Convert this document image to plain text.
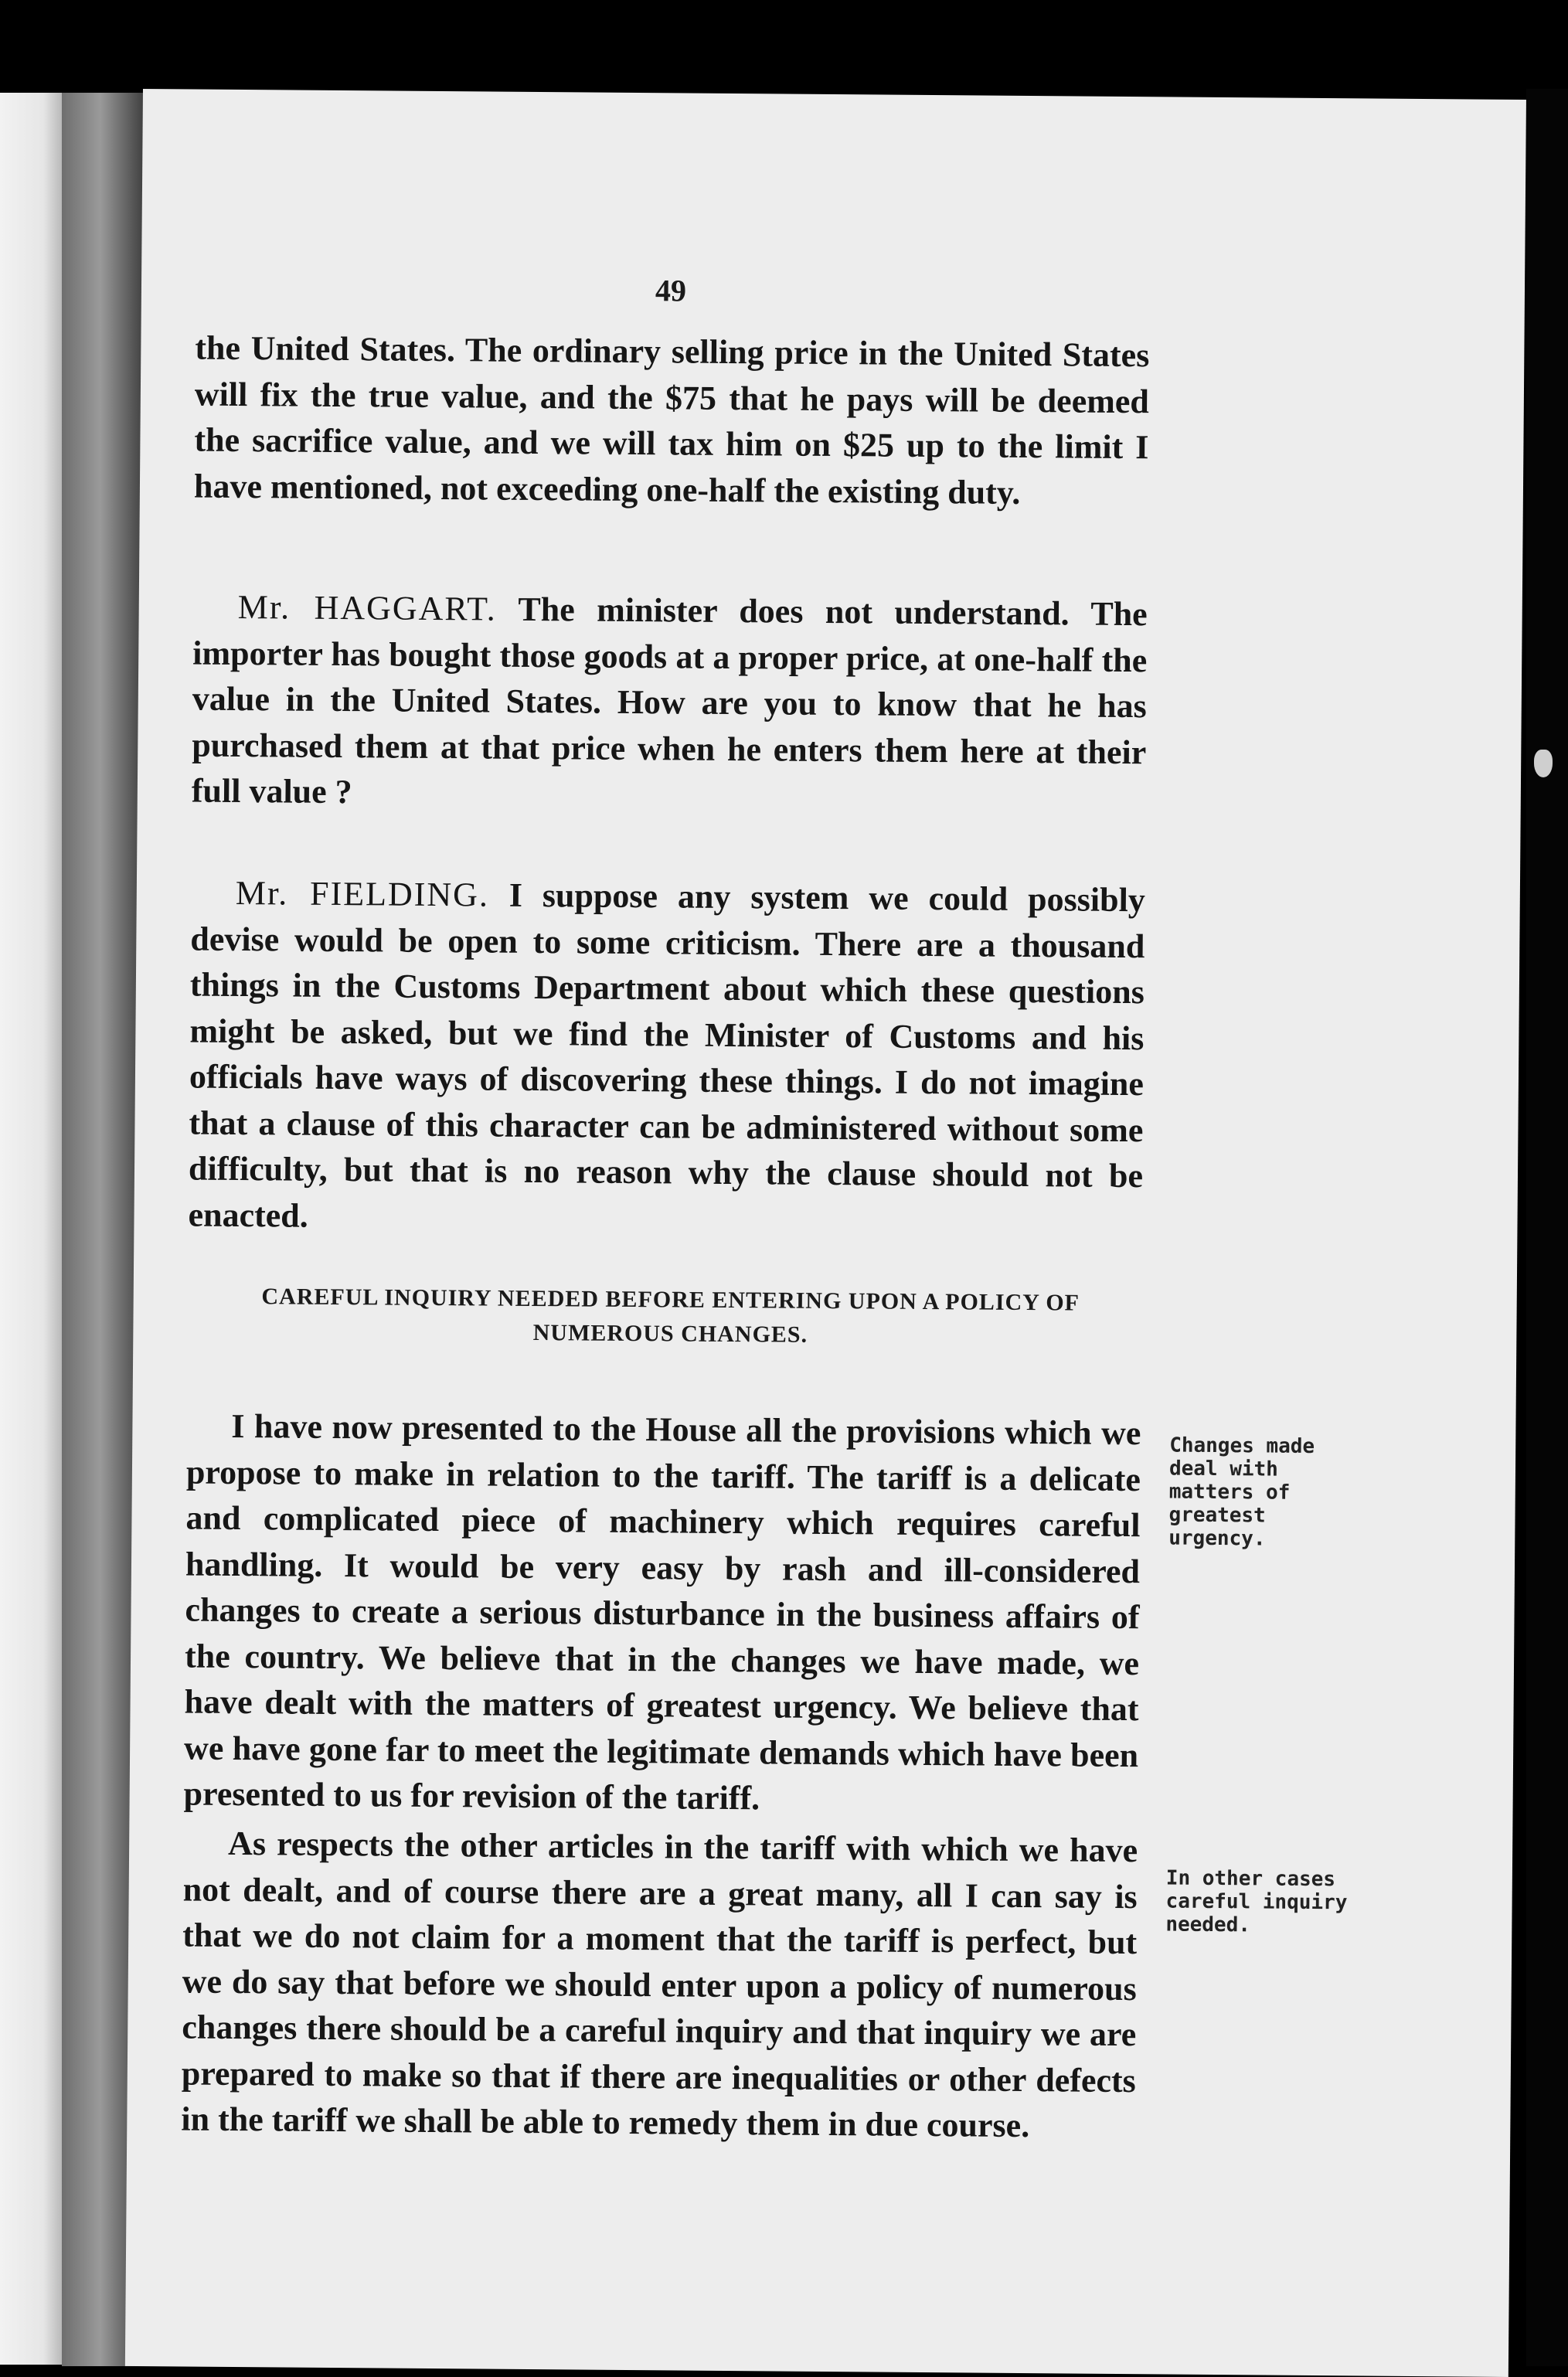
49

the United States. The ordinary selling price in the United States will fix the true value, and the $75 that he pays will be deemed the sacrifice value, and we will tax him on $25 up to the limit I have mentioned, not exceeding one-half the existing duty.

Mr. HAGGART. The minister does not understand. The importer has bought those goods at a proper price, at one-half the value in the United States. How are you to know that he has purchased them at that price when he enters them here at their full value ?

Mr. FIELDING. I suppose any system we could possibly devise would be open to some criticism. There are a thousand things in the Customs Department about which these questions might be asked, but we find the Minister of Customs and his officials have ways of discovering these things. I do not imagine that a clause of this character can be administered without some difficulty, but that is no reason why the clause should not be enacted.

CAREFUL INQUIRY NEEDED BEFORE ENTERING UPON A POLICY OF
NUMEROUS CHANGES.

I have now presented to the House all the provisions which we propose to make in relation to the tariff. The tariff is a delicate and complicated piece of machinery which requires careful handling. It would be very easy by rash and ill-considered changes to create a serious disturbance in the business affairs of the country. We believe that in the changes we have made, we have dealt with the matters of greatest urgency. We believe that we have gone far to meet the legitimate demands which have been presented to us for revision of the tariff.

As respects the other articles in the tariff with which we have not dealt, and of course there are a great many, all I can say is that we do not claim for a moment that the tariff is perfect, but we do say that before we should enter upon a policy of numerous changes there should be a careful inquiry and that inquiry we are prepared to make so that if there are inequalities or other defects in the tariff we shall be able to remedy them in due course.

Changes made deal with matters of greatest urgency.
In other cases careful inquiry needed.
